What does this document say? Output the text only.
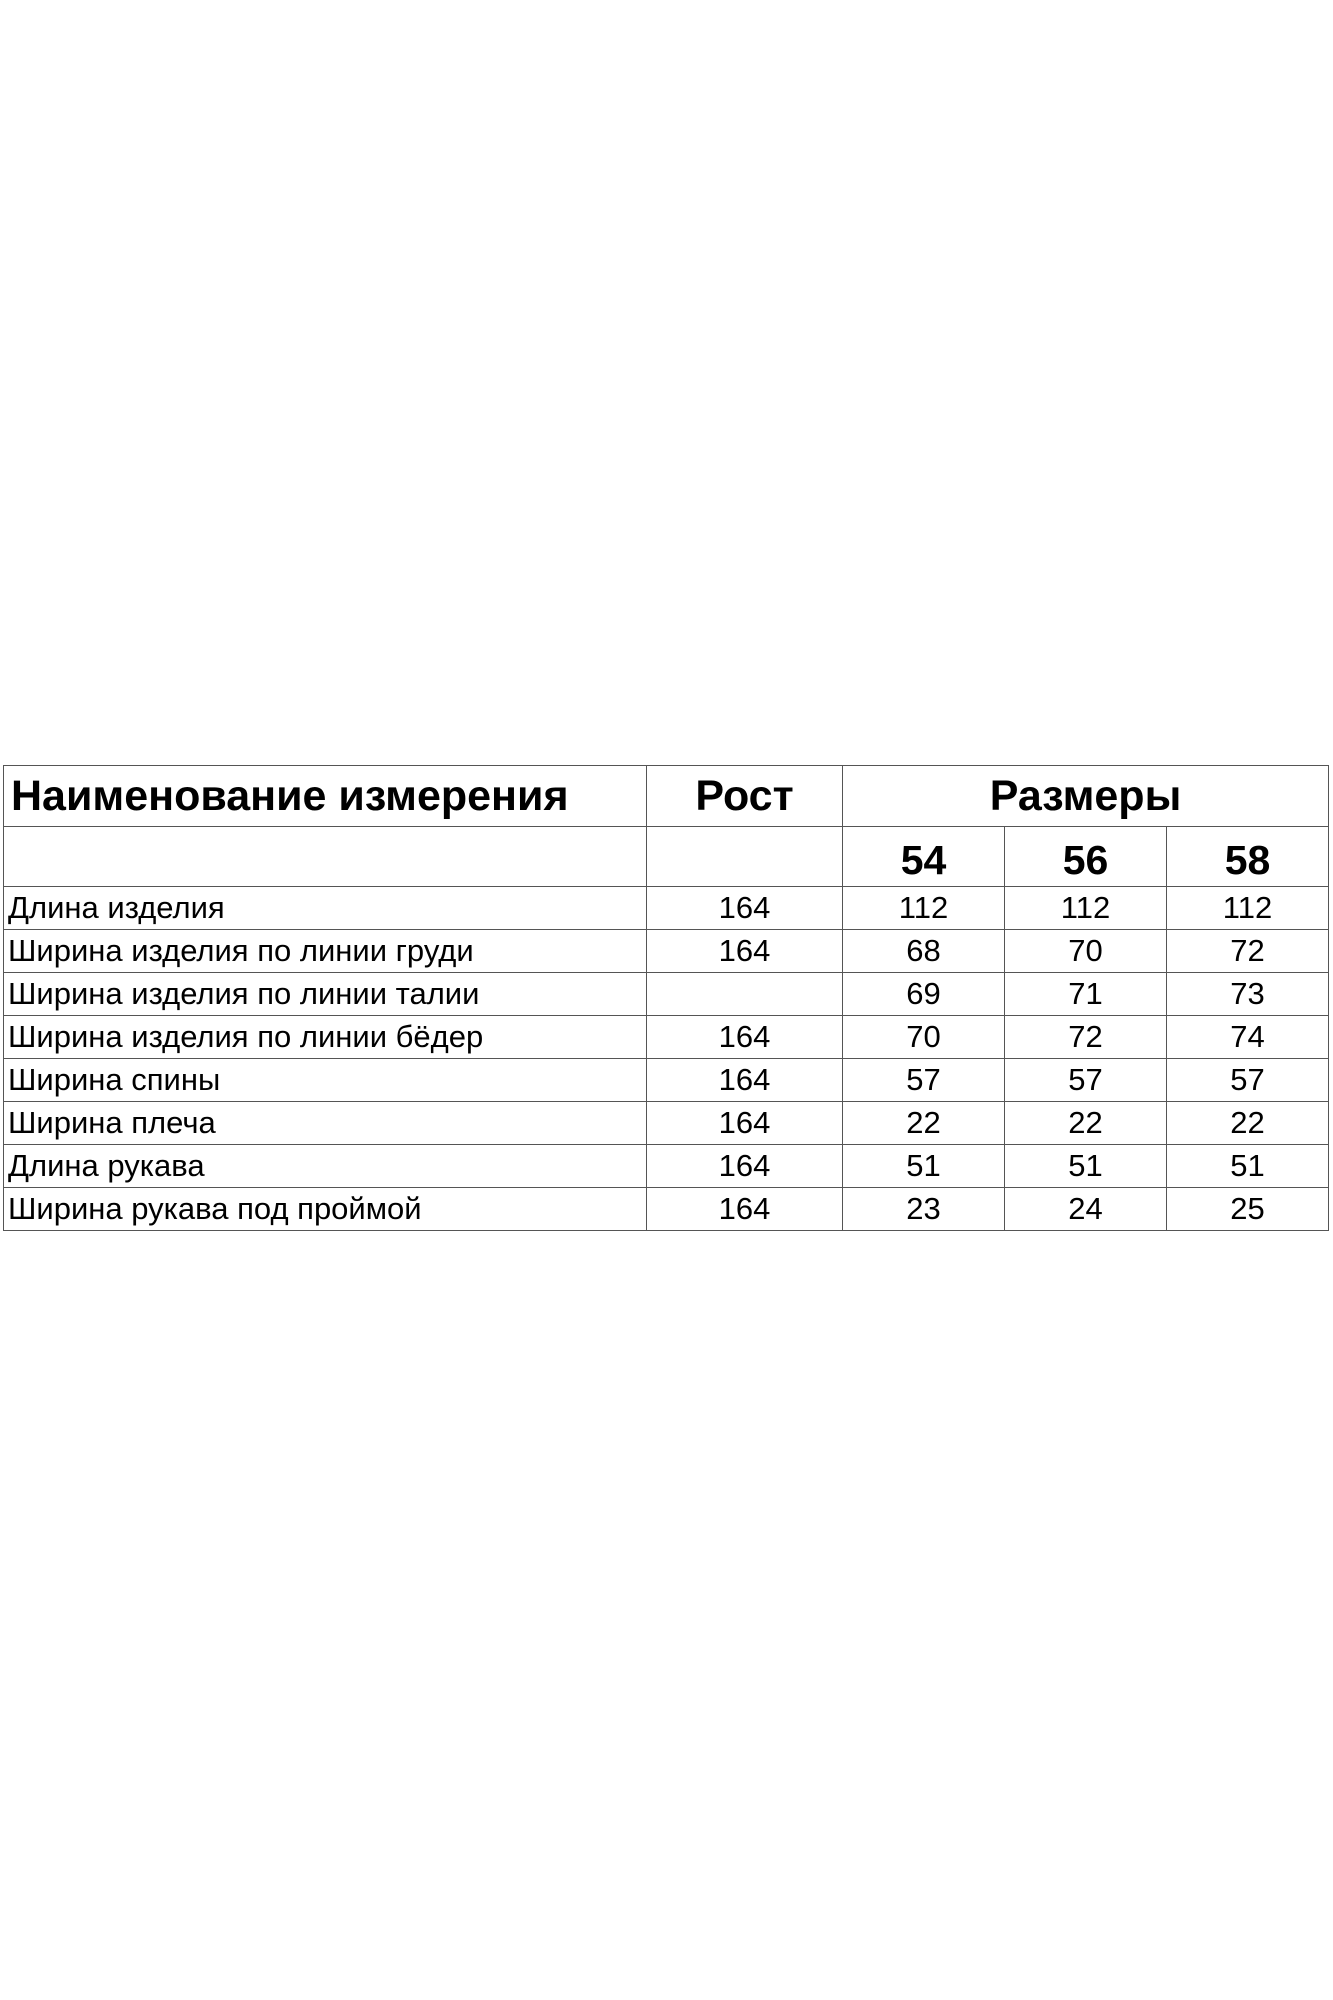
Наименование измерения	Рост	Размеры		
		54	56	58
Длина изделия	164	112	112	112
Ширина изделия по линии груди	164	68	70	72
Ширина изделия по линии талии		69	71	73
Ширина изделия по линии бёдер	164	70	72	74
Ширина спины	164	57	57	57
Ширина плеча	164	22	22	22
Длина рукава	164	51	51	51
Ширина рукава под проймой	164	23	24	25
